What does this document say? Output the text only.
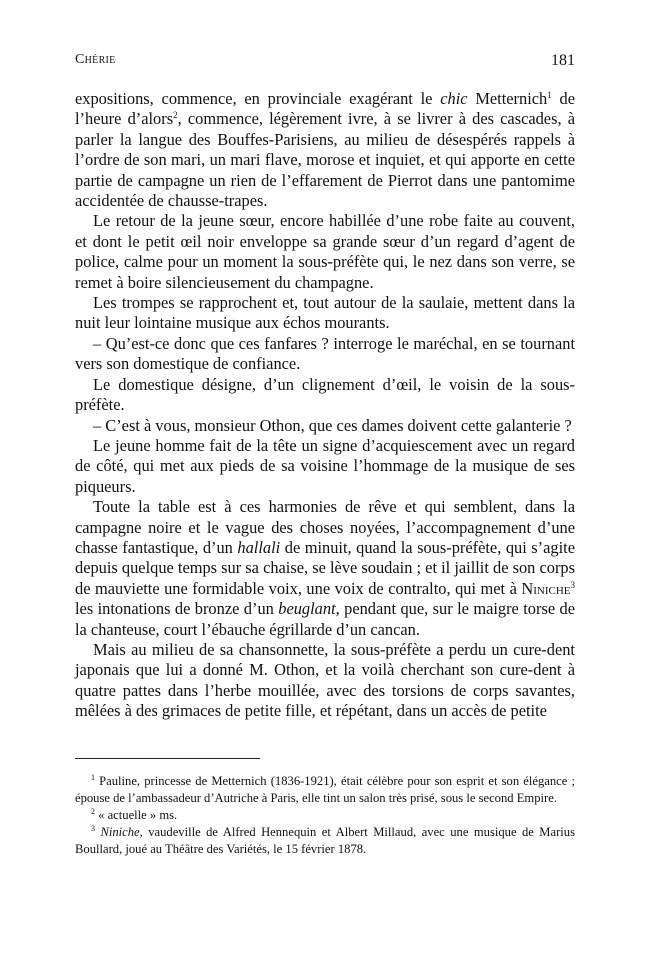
Chérie	181

expositions, commence, en provinciale exagérant le chic Metternich$^1$ de l’heure d’alors$^2$, commence, légèrement ivre, à se livrer à des cascades, à parler la langue des Bouffes-Parisiens, au milieu de désespérés rappels à l’ordre de son mari, un mari flave, morose et inquiet, et qui apporte en cette partie de campagne un rien de l’effarement de Pierrot dans une pantomime accidentée de chausse-trapes.

Le retour de la jeune sœur, encore habillée d’une robe faite au couvent, et dont le petit œil noir enveloppe sa grande sœur d’un regard d’agent de police, calme pour un moment la sous-préfète qui, le nez dans son verre, se remet à boire silencieusement du champagne.

Les trompes se rapprochent et, tout autour de la saulaie, mettent dans la nuit leur lointaine musique aux échos mourants.

– Qu’est-ce donc que ces fanfares ? interroge le maréchal, en se tournant vers son domestique de confiance.

Le domestique désigne, d’un clignement d’œil, le voisin de la sous-préfète.

– C’est à vous, monsieur Othon, que ces dames doivent cette galanterie ?

Le jeune homme fait de la tête un signe d’acquiescement avec un regard de côté, qui met aux pieds de sa voisine l’hommage de la musique de ses piqueurs.

Toute la table est à ces harmonies de rêve et qui semblent, dans la campagne noire et le vague des choses noyées, l’accompagnement d’une chasse fantastique, d’un hallali de minuit, quand la sous-préfète, qui s’agite depuis quelque temps sur sa chaise, se lève soudain ; et il jaillit de son corps de mauviette une formidable voix, une voix de contralto, qui met à Niniche$^3$ les intonations de bronze d’un beuglant, pendant que, sur le maigre torse de la chanteuse, court l’ébauche égrillarde d’un cancan.

Mais au milieu de sa chansonnette, la sous-préfète a perdu un cure-dent japonais que lui a donné M. Othon, et la voilà cherchant son cure-dent à quatre pattes dans l’herbe mouillée, avec des torsions de corps savantes, mêlées à des grimaces de petite fille, et répétant, dans un accès de petite

$^1$ Pauline, princesse de Metternich (1836-1921), était célèbre pour son esprit et son élégance ; épouse de l’ambassadeur d’Autriche à Paris, elle tint un salon très prisé, sous le second Empire.

$^2$ « actuelle » ms.

$^3$ Niniche, vaudeville de Alfred Hennequin et Albert Millaud, avec une musique de Marius Boullard, joué au Théâtre des Variétés, le 15 février 1878.
